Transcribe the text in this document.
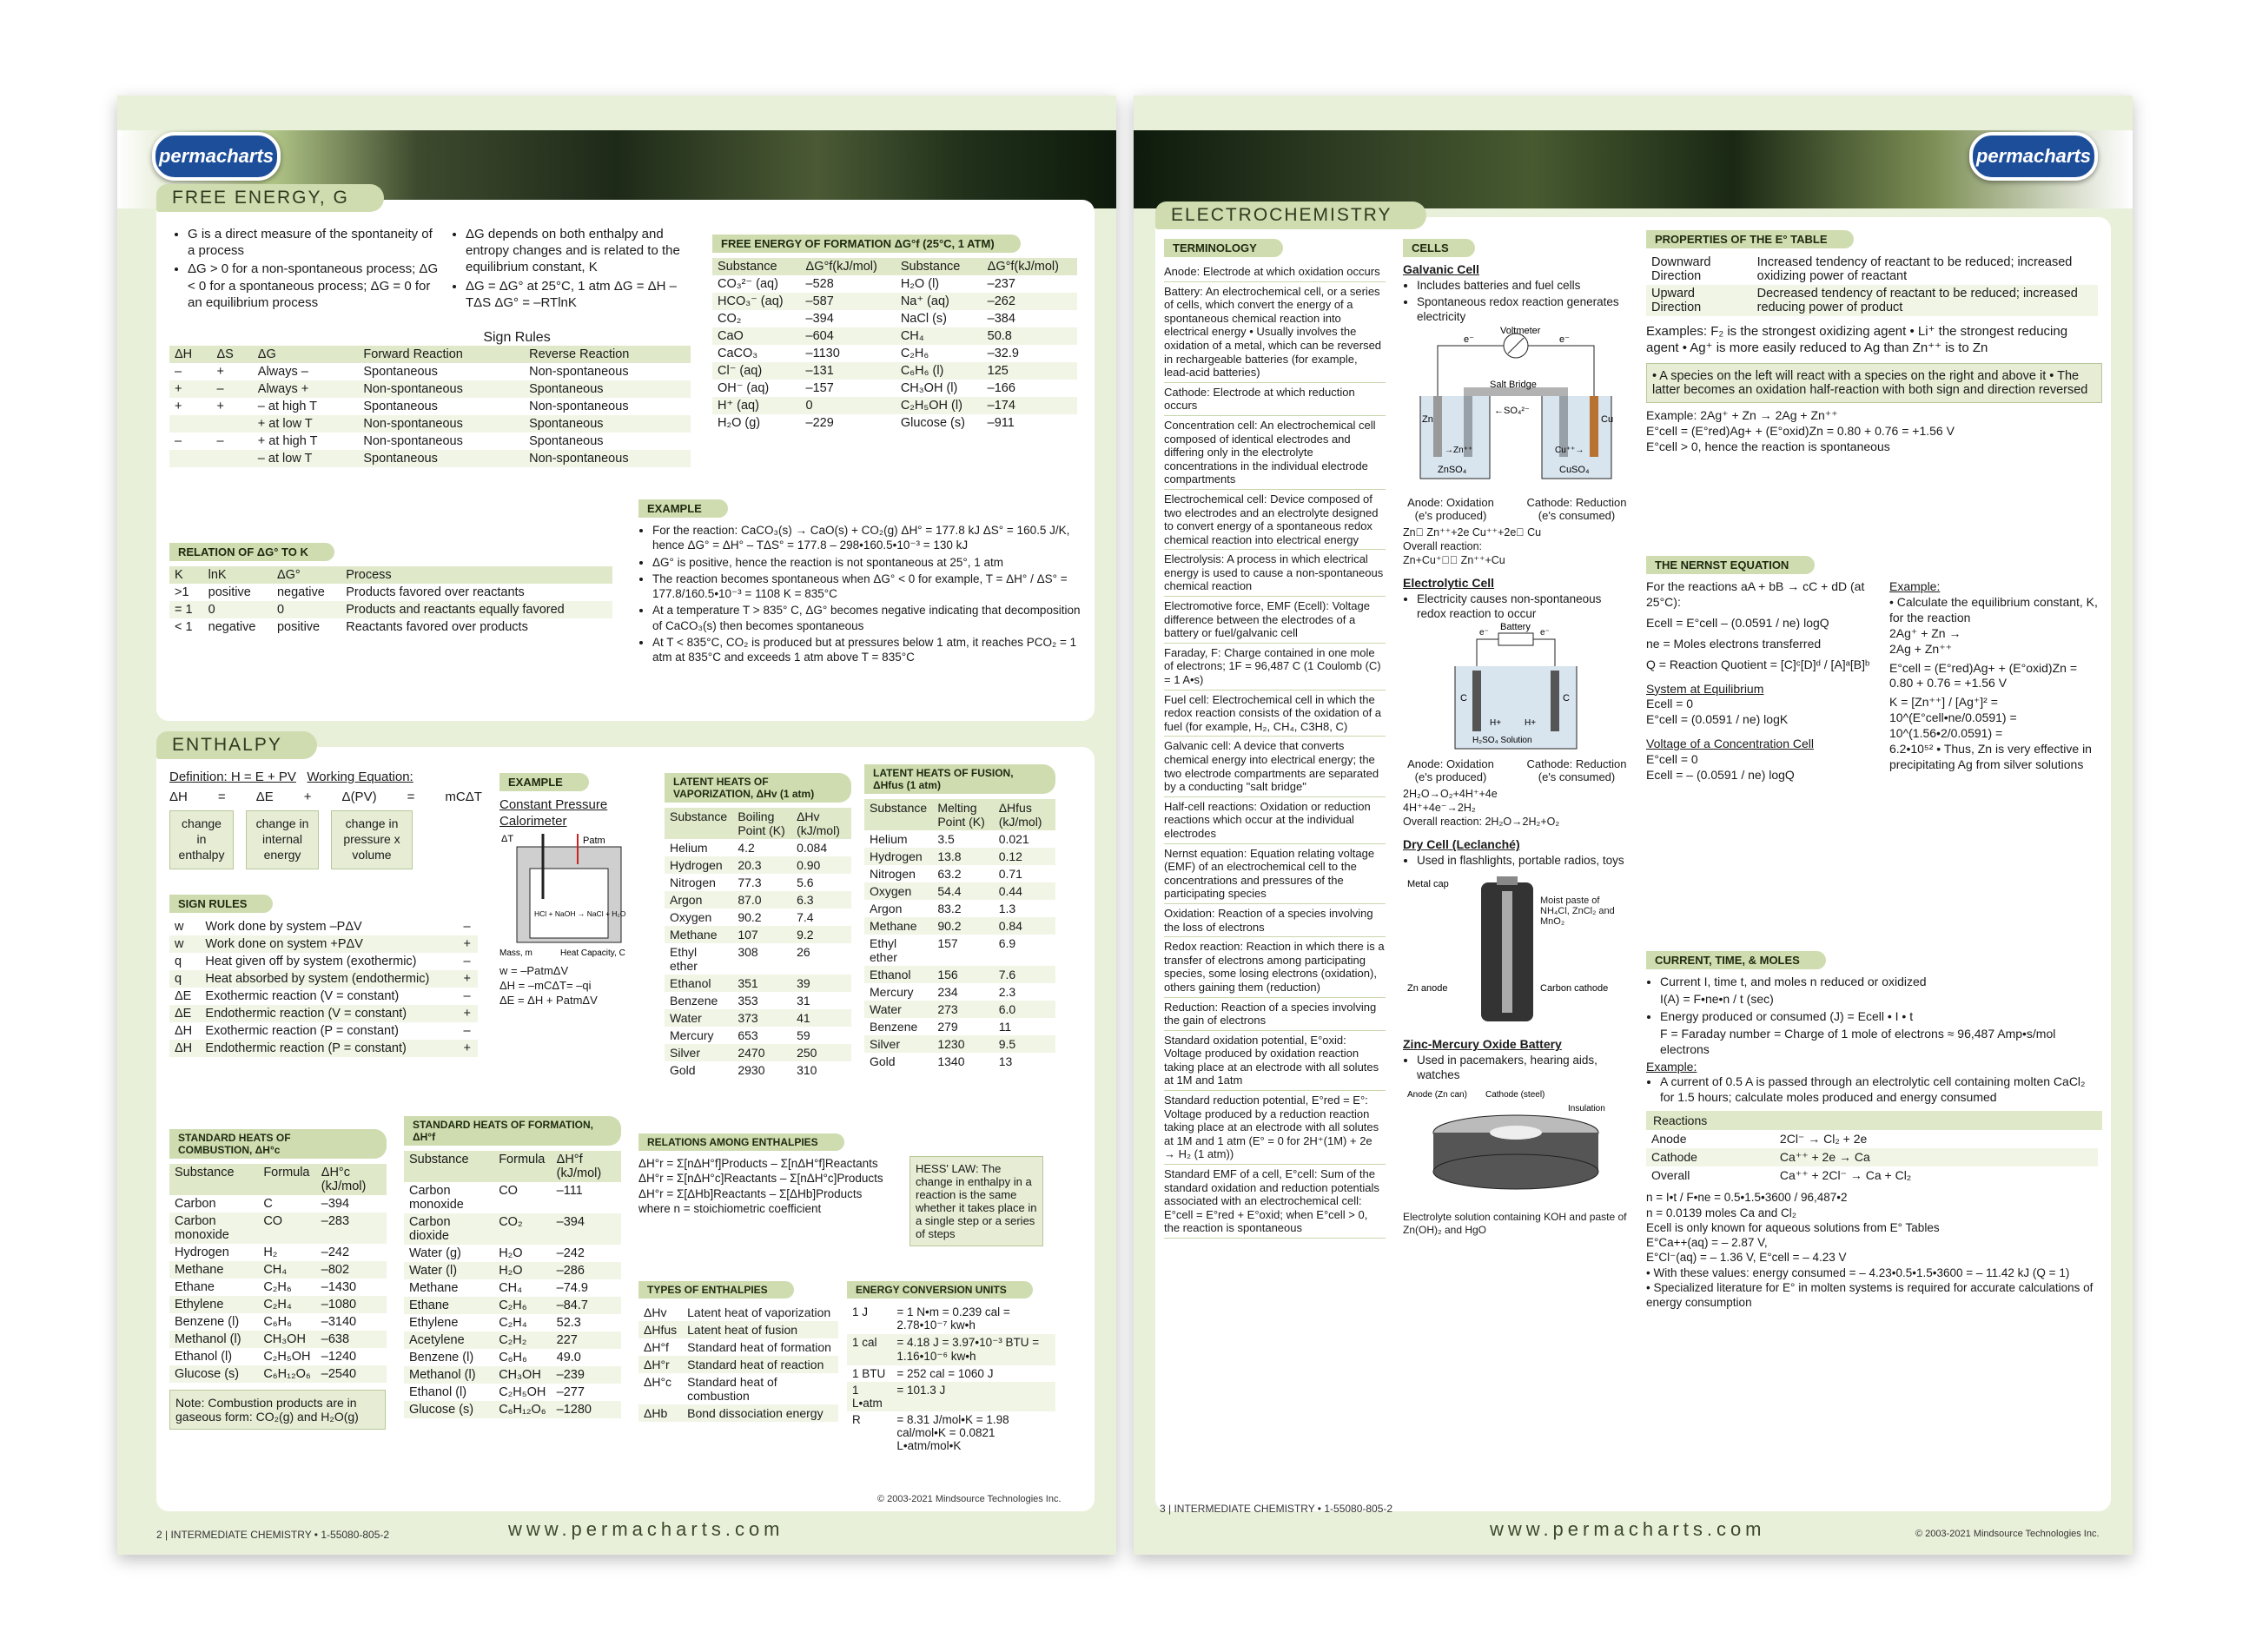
permacharts
FREE ENERGY, G
• G is a direct measure of the spontaneity of a process
• ΔG > 0 for a non-spontaneous process; ΔG < 0 for a spontaneous process; ΔG = 0 for an equilibrium process
• ΔG depends on both enthalpy and entropy changes and is related to the equilibrium constant, K
• ΔG = ΔG° at 25°C, 1 atm ΔG = ΔH – TΔS ΔG° = –RTlnK
Sign Rules
ΔH	ΔS	ΔG	Forward Reaction	Reverse Reaction
–	+	Always –	Spontaneous	Non-spontaneous
+	–	Always +	Non-spontaneous	Spontaneous
+	+	– at high T	Spontaneous	Non-spontaneous
		+ at low T	Non-spontaneous	Spontaneous
–	–	+ at high T	Non-spontaneous	Spontaneous
		– at low T	Spontaneous	Non-spontaneous
FREE ENERGY OF FORMATION ΔG°f (25°C, 1 ATM)
Substance	ΔG°f(kJ/mol)	Substance	ΔG°f(kJ/mol)
CO₃²⁻ (aq)	–528	H₂O (l)	–237
HCO₃⁻ (aq)	–587	Na⁺ (aq)	–262
CO₂	–394	NaCl (s)	–384
CaO	–604	CH₄	50.8
CaCO₃	–1130	C₂H₆	–32.9
Cl⁻ (aq)	–131	C₆H₆ (l)	125
OH⁻ (aq)	–157	CH₃OH (l)	–166
H⁺ (aq)	0	C₂H₅OH (l)	–174
H₂O (g)	–229	Glucose (s)	–911
RELATION OF ΔG° TO K
K	lnK	ΔG°	Process
>1	positive	negative	Products favored over reactants
= 1	0	0	Products and reactants equally favored
< 1	negative	positive	Reactants favored over products
EXAMPLE
• For the reaction: CaCO₃(s) → CaO(s) + CO₂(g) ΔH° = 177.8 kJ ΔS° = 160.5 J/K, hence ΔG° = ΔH° – TΔS° = 177.8 – 298•160.5•10⁻³ = 130 kJ
• ΔG° is positive, hence the reaction is not spontaneous at 25°, 1 atm
• The reaction becomes spontaneous when ΔG° < 0 for example, T = ΔH° / ΔS° = 177.8/160.5•10⁻³ = 1108 K = 835°C
• At a temperature T > 835° C, ΔG° becomes negative indicating that decomposition of CaCO₃(s) then becomes spontaneous
• At T < 835°C, CO₂ is produced but at pressures below 1 atm, it reaches PCO₂ = 1 atm at 835°C and exceeds 1 atm above T = 835°C
ENTHALPY
Definition: H = E + PV Working Equation:
ΔH = ΔE + Δ(PV) = mCΔT
change in enthalpy
change in internal energy
change in pressure x volume
SIGN RULES
w	Work done by system –PΔV	–
w	Work done on system +PΔV	+
q	Heat given off by system (exothermic)	–
q	Heat absorbed by system (endothermic)	+
ΔE	Exothermic reaction (V = constant)	–
ΔE	Endothermic reaction (V = constant)	+
ΔH	Exothermic reaction (P = constant)	–
ΔH	Endothermic reaction (P = constant)	+
EXAMPLE
Constant Pressure Calorimeter
ΔT	Patm
HCl + NaOH → NaCl + H₂O
Mass, m	Heat Capacity, C
w = –PatmΔV
ΔH = –mCΔT= –qi
ΔE = ΔH + PatmΔV
LATENT HEATS OF VAPORIZATION, ΔHv (1 atm)
Substance	Boiling Point (K)	ΔHv (kJ/mol)
Helium	4.2	0.084
Hydrogen	20.3	0.90
Nitrogen	77.3	5.6
Argon	87.0	6.3
Oxygen	90.2	7.4
Methane	107	9.2
Ethyl ether	308	26
Ethanol	351	39
Benzene	353	31
Water	373	41
Mercury	653	59
Silver	2470	250
Gold	2930	310
LATENT HEATS OF FUSION, ΔHfus (1 atm)
Substance	Melting Point (K)	ΔHfus (kJ/mol)
Helium	3.5	0.021
Hydrogen	13.8	0.12
Nitrogen	63.2	0.71
Oxygen	54.4	0.44
Argon	83.2	1.3
Methane	90.2	0.84
Ethyl ether	157	6.9
Ethanol	156	7.6
Mercury	234	2.3
Water	273	6.0
Benzene	279	11
Silver	1230	9.5
Gold	1340	13
STANDARD HEATS OF COMBUSTION, ΔH°c
Substance	Formula	ΔH°c (kJ/mol)
Carbon	C	–394
Carbon monoxide	CO	–283
Hydrogen	H₂	–242
Methane	CH₄	–802
Ethane	C₂H₆	–1430
Ethylene	C₂H₄	–1080
Benzene (l)	C₆H₆	–3140
Methanol (l)	CH₃OH	–638
Ethanol (l)	C₂H₅OH	–1240
Glucose (s)	C₆H₁₂O₆	–2540
Note: Combustion products are in gaseous form: CO₂(g) and H₂O(g)
STANDARD HEATS OF FORMATION, ΔH°f
Substance	Formula	ΔH°f (kJ/mol)
Carbon monoxide	CO	–111
Carbon dioxide	CO₂	–394
Water (g)	H₂O	–242
Water (l)	H₂O	–286
Methane	CH₄	–74.9
Ethane	C₂H₆	–84.7
Ethylene	C₂H₄	52.3
Acetylene	C₂H₂	227
Benzene (l)	C₆H₆	49.0
Methanol (l)	CH₃OH	–239
Ethanol (l)	C₂H₅OH	–277
Glucose (s)	C₆H₁₂O₆	–1280
RELATIONS AMONG ENTHALPIES
ΔH°r = Σ[nΔH°f]Products – Σ[nΔH°f]Reactants
ΔH°r = Σ[nΔH°c]Reactants – Σ[nΔH°c]Products
ΔH°r = Σ[ΔHb]Reactants – Σ[ΔHb]Products
where n = stoichiometric coefficient
HESS' LAW: The change in enthalpy in a reaction is the same whether it takes place in a single step or a series of steps
TYPES OF ENTHALPIES
ΔHv	Latent heat of vaporization
ΔHfus	Latent heat of fusion
ΔH°f	Standard heat of formation
ΔH°r	Standard heat of reaction
ΔH°c	Standard heat of combustion
ΔHb	Bond dissociation energy
ENERGY CONVERSION UNITS
1 J	= 1 N•m = 0.239 cal = 2.78•10⁻⁷ kw•h
1 cal	= 4.18 J = 3.97•10⁻³ BTU = 1.16•10⁻⁶ kw•h
1 BTU	= 252 cal = 1060 J
1 L•atm	= 101.3 J
R	= 8.31 J/mol•K = 1.98 cal/mol•K = 0.0821 L•atm/mol•K
© 2003-2021 Mindsource Technologies Inc.
www.permacharts.com
2 | INTERMEDIATE CHEMISTRY • 1-55080-805-2
permacharts
ELECTROCHEMISTRY
TERMINOLOGY
Anode: Electrode at which oxidation occurs
Battery: An electrochemical cell, or a series of cells, which convert the energy of a spontaneous chemical reaction into electrical energy • Usually involves the oxidation of a metal, which can be reversed in rechargeable batteries (for example, lead-acid batteries)
Cathode: Electrode at which reduction occurs
Concentration cell: An electrochemical cell composed of identical electrodes and differing only in the electrolyte concentrations in the individual electrode compartments
Electrochemical cell: Device composed of two electrodes and an electrolyte designed to convert energy of a spontaneous redox chemical reaction into electrical energy
Electrolysis: A process in which electrical energy is used to cause a non-spontaneous chemical reaction
Electromotive force, EMF (Ecell): Voltage difference between the electrodes of a battery or fuel/galvanic cell
Faraday, F: Charge contained in one mole of electrons; 1F = 96,487 C (1 Coulomb (C) = 1 A•s)
Fuel cell: Electrochemical cell in which the redox reaction consists of the oxidation of a fuel (for example, H₂, CH₄, C3H8, C)
Galvanic cell: A device that converts chemical energy into electrical energy; the two electrode compartments are separated by a conducting "salt bridge"
Half-cell reactions: Oxidation or reduction reactions which occur at the individual electrodes
Nernst equation: Equation relating voltage (EMF) of an electrochemical cell to the concentrations and pressures of the participating species
Oxidation: Reaction of a species involving the loss of electrons
Redox reaction: Reaction in which there is a transfer of electrons among participating species, some losing electrons (oxidation), others gaining them (reduction)
Reduction: Reaction of a species involving the gain of electrons
Standard oxidation potential, E°oxid: Voltage produced by oxidation reaction taking place at an electrode with all solutes at 1M and 1atm
Standard reduction potential, E°red = E°: Voltage produced by a reduction reaction taking place at an electrode with all solutes at 1M and 1 atm (E° = 0 for 2H⁺(1M) + 2e → H₂ (1 atm))
Standard EMF of a cell, E°cell: Sum of the standard oxidation and reduction potentials associated with an electrochemical cell: E°cell = E°red + E°oxid; when E°cell > 0, the reaction is spontaneous
CELLS
Galvanic Cell
• Includes batteries and fuel cells
• Spontaneous redox reaction generates electricity
Voltmeter
e⁻	e⁻
Salt Bridge
Zn	Cu
←SO₄²⁻
→Zn⁺⁺	Cu⁺⁺→
ZnSO₄	CuSO₄
Anode: Oxidation (e's produced)
Cathode: Reduction (e's consumed)
Zn⃝ Zn⁺⁺+2e Cu⁺⁺+2e⃝ Cu
Overall reaction:
Zn+Cu⁺⁺⃝ Zn⁺⁺+Cu
Electrolytic Cell
• Electricity causes non-spontaneous redox reaction to occur
Battery
e⁻	e⁻
C	C
H+	H+
H₂SO₄ Solution
Anode: Oxidation (e's produced)
Cathode: Reduction (e's consumed)
2H₂O→O₂+4H⁺+4e
4H⁺+4e⁻→2H₂
Overall reaction: 2H₂O→2H₂+O₂
Dry Cell (Leclanché)
• Used in flashlights, portable radios, toys
Metal cap
Moist paste of NH₄Cl, ZnCl₂ and MnO₂
Zn anode	Carbon cathode
Zinc-Mercury Oxide Battery
• Used in pacemakers, hearing aids, watches
Anode (Zn can) Cathode (steel)
Insulation
Electrolyte solution containing KOH and paste of Zn(OH)₂ and HgO
PROPERTIES OF THE E° TABLE
Downward Direction	Increased tendency of reactant to be reduced; increased oxidizing power of reactant
Upward Direction	Decreased tendency of reactant to be reduced; increased reducing power of product
Examples: F₂ is the strongest oxidizing agent • Li⁺ the strongest reducing agent • Ag⁺ is more easily reduced to Ag than Zn⁺⁺ is to Zn
• A species on the left will react with a species on the right and above it • The latter becomes an oxidation half-reaction with both sign and direction reversed
Example: 2Ag⁺ + Zn → 2Ag + Zn⁺⁺
E°cell = (E°red)Ag+ + (E°oxid)Zn = 0.80 + 0.76 = +1.56 V
E°cell > 0, hence the reaction is spontaneous
THE NERNST EQUATION
For the reactions aA + bB → cC + dD (at 25°C):
Ecell = E°cell – (0.0591 / ne) logQ
ne = Moles electrons transferred
Q = Reaction Quotient = [C]ᶜ[D]ᵈ / [A]ᵃ[B]ᵇ
System at Equilibrium
Ecell = 0
E°cell = (0.0591 / ne) logK
Voltage of a Concentration Cell
E°cell = 0
Ecell = – (0.0591 / ne) logQ
Example:
• Calculate the equilibrium constant, K, for the reaction
2Ag⁺ + Zn →
2Ag + Zn⁺⁺
E°cell = (E°red)Ag+ + (E°oxid)Zn = 0.80 + 0.76 = +1.56 V
K = [Zn⁺⁺] / [Ag⁺]² =
10^(E°cell•ne/0.0591) =
10^(1.56•2/0.0591) =
6.2•10⁵² • Thus, Zn is very effective in precipitating Ag from silver solutions
CURRENT, TIME, & MOLES
• Current I, time t, and moles n reduced or oxidized
I(A) = F•ne•n / t (sec)
• Energy produced or consumed (J) = Ecell • I • t
F = Faraday number = Charge of 1 mole of electrons ≈ 96,487 Amp•s/mol electrons
Example:
• A current of 0.5 A is passed through an electrolytic cell containing molten CaCl₂ for 1.5 hours; calculate moles produced and energy consumed
Reactions
Anode	2Cl⁻ → Cl₂ + 2e
Cathode	Ca⁺⁺ + 2e → Ca
Overall	Ca⁺⁺ + 2Cl⁻ → Ca + Cl₂
n = I•t / F•ne = 0.5•1.5•3600 / 96,487•2
n = 0.0139 moles Ca and Cl₂
Ecell is only known for aqueous solutions from E° Tables
E°Ca++(aq) = – 2.87 V,
E°Cl⁻(aq) = – 1.36 V, E°cell = – 4.23 V
• With these values: energy consumed = – 4.23•0.5•1.5•3600 = – 11.42 kJ (Q = 1)
• Specialized literature for E° in molten systems is required for accurate calculations of energy consumption
www.permacharts.com
3 | INTERMEDIATE CHEMISTRY • 1-55080-805-2
© 2003-2021 Mindsource Technologies Inc.
